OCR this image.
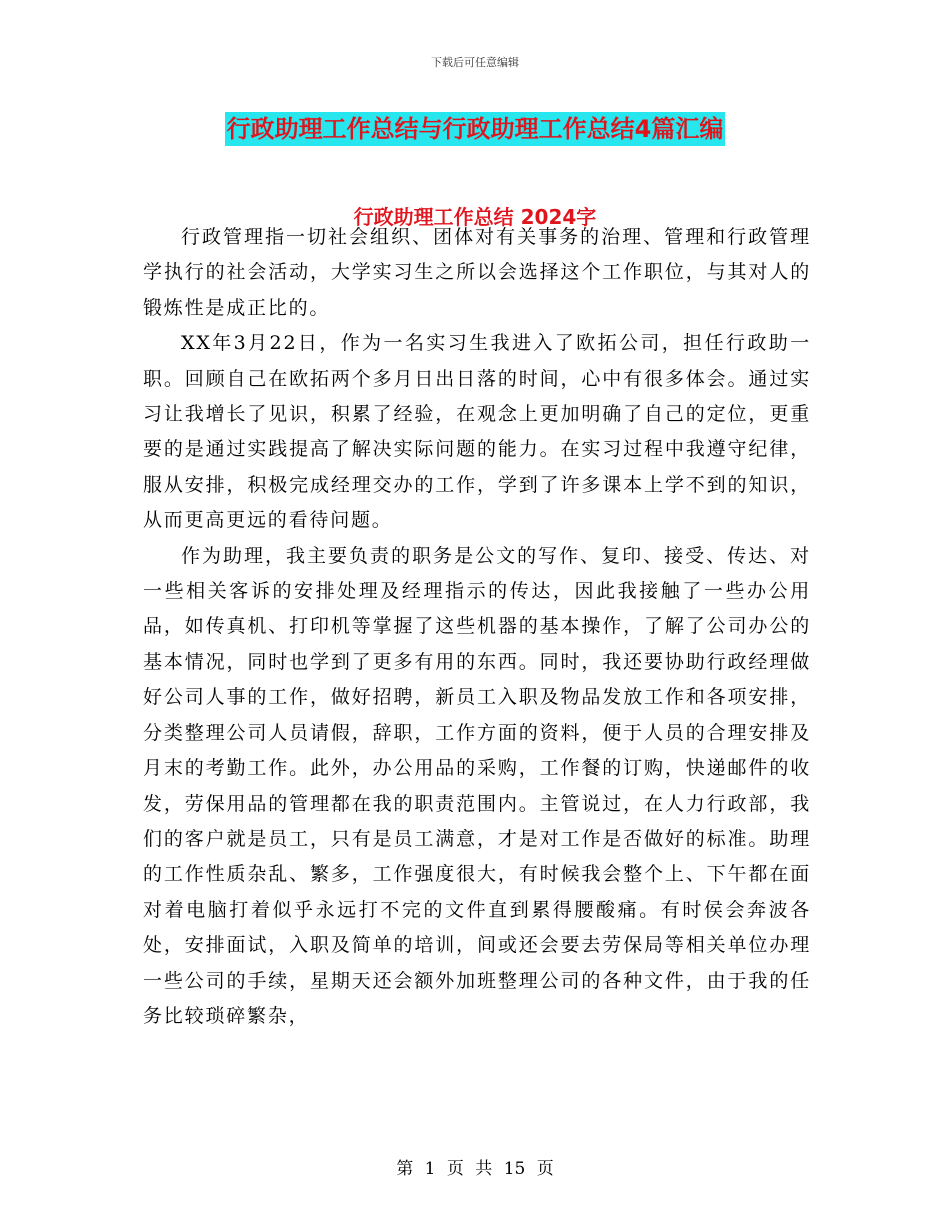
下载后可任意编辑
行政助理工作总结与行政助理工作总结4篇汇编
行政助理工作总结 2024字

行政管理指一切社会组织、团体对有关事务的治理、管理和行政管理学执行的社会活动，大学实习生之所以会选择这个工作职位，与其对人的锻炼性是成正比的。

XX年3月22日，作为一名实习生我进入了欧拓公司，担任行政助一职。回顾自己在欧拓两个多月日出日落的时间，心中有很多体会。通过实习让我增长了见识，积累了经验，在观念上更加明确了自己的定位，更重要的是通过实践提高了解决实际问题的能力。在实习过程中我遵守纪律，服从安排，积极完成经理交办的工作，学到了许多课本上学不到的知识，从而更高更远的看待问题。

作为助理，我主要负责的职务是公文的写作、复印、接受、传达、对一些相关客诉的安排处理及经理指示的传达，因此我接触了一些办公用品，如传真机、打印机等掌握了这些机器的基本操作，了解了公司办公的基本情况，同时也学到了更多有用的东西。同时，我还要协助行政经理做好公司人事的工作，做好招聘，新员工入职及物品发放工作和各项安排，分类整理公司人员请假，辞职，工作方面的资料，便于人员的合理安排及月末的考勤工作。此外，办公用品的采购，工作餐的订购，快递邮件的收发，劳保用品的管理都在我的职责范围内。主管说过，在人力行政部，我们的客户就是员工，只有是员工满意，才是对工作是否做好的标准。助理的工作性质杂乱、繁多，工作强度很大，有时候我会整个上、下午都在面对着电脑打着似乎永远打不完的文件直到累得腰酸痛。有时侯会奔波各处，安排面试，入职及简单的培训，间或还会要去劳保局等相关单位办理一些公司的手续，星期天还会额外加班整理公司的各种文件，由于我的任务比较琐碎繁杂，

第 1 页 共 15 页
